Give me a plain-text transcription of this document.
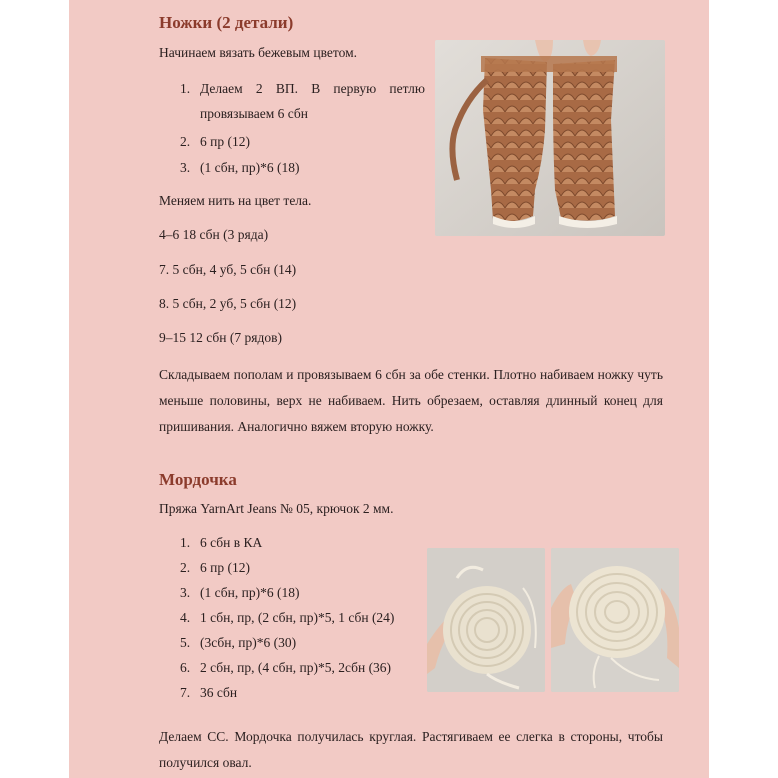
Ножки (2 детали)

Начинаем вязать бежевым цветом.

1. Делаем 2 ВП. В первую петлю провязываем 6 сбн
2. 6 пр (12)
3. (1 сбн, пр)*6 (18)

Меняем нить на цвет тела.

4–6 18 сбн (3 ряда)

7. 5 сбн, 4 уб, 5 сбн (14)

8. 5 сбн, 2 уб, 5 сбн (12)

9–15 12 сбн (7 рядов)

Складываем пополам и провязываем 6 сбн за обе стенки. Плотно набиваем ножку чуть меньше половины, верх не набиваем. Нить обрезаем, оставляя длинный конец для пришивания. Аналогично вяжем вторую ножку.

Мордочка

Пряжа YarnArt Jeans № 05, крючок 2 мм.

1. 6 сбн в КА
2. 6 пр (12)
3. (1 сбн, пр)*6 (18)
4. 1 сбн, пр, (2 сбн, пр)*5, 1 сбн (24)
5. (3сбн, пр)*6 (30)
6. 2 сбн, пр, (4 сбн, пр)*5, 2сбн (36)
7. 36 сбн

Делаем СС. Мордочка получилась круглая. Растягиваем ее слегка в стороны, чтобы получился овал.
